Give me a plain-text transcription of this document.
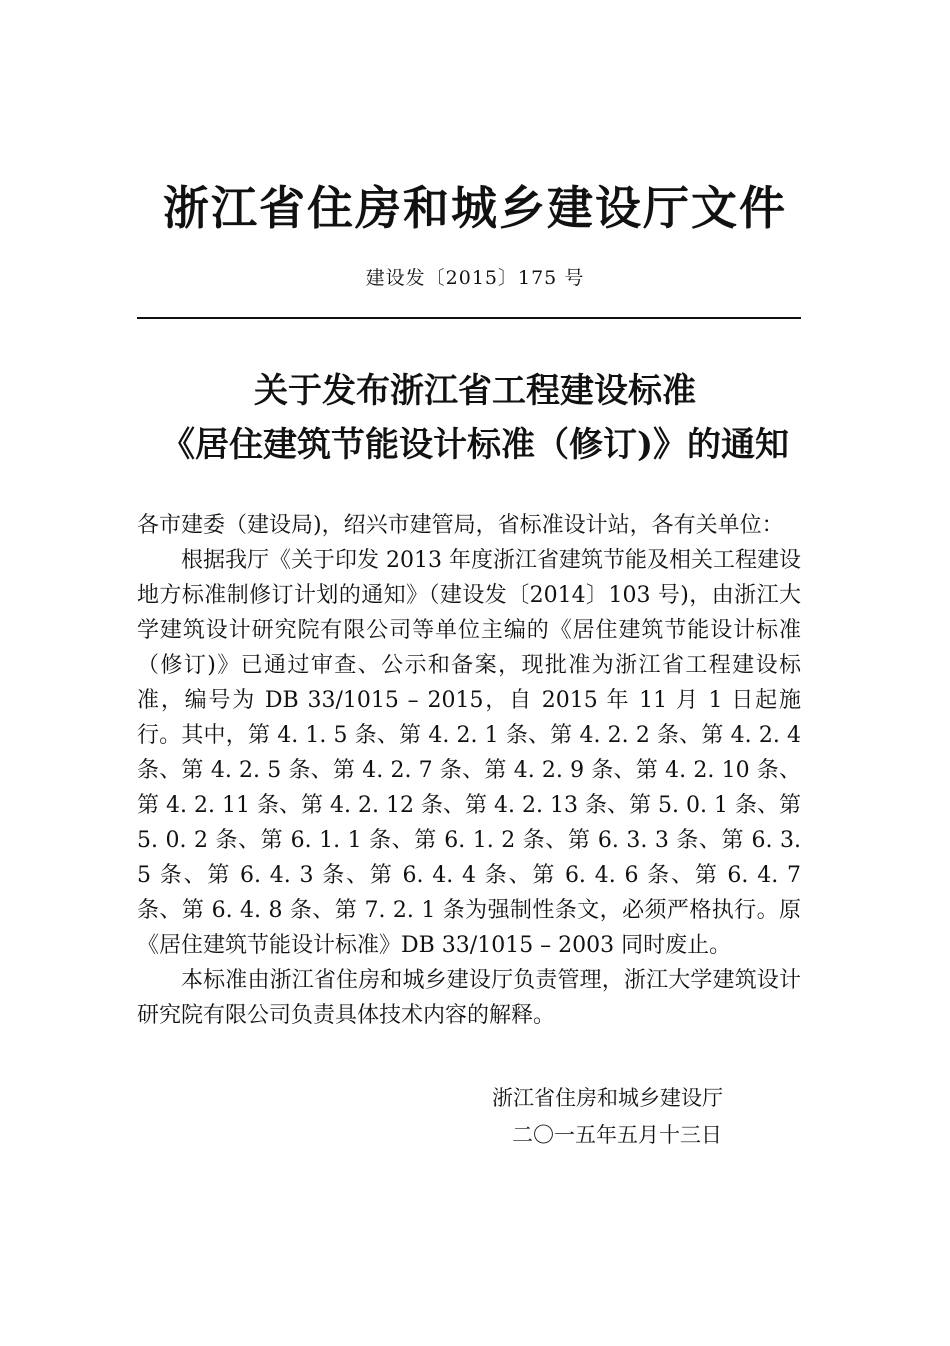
浙江省住房和城乡建设厅文件
建设发〔2015〕175 号
关于发布浙江省工程建设标准
《居住建筑节能设计标准（修订)》的通知

各市建委（建设局)，绍兴市建管局，省标准设计站，各有关单位：

根据我厅《关于印发 2013 年度浙江省建筑节能及相关工程建设地方标准制修订计划的通知》（建设发〔2014〕103 号)，由浙江大学建筑设计研究院有限公司等单位主编的《居住建筑节能设计标准（修订)》已通过审查、公示和备案，现批准为浙江省工程建设标准，编号为 DB 33/1015 – 2015，自 2015 年 11 月 1 日起施行。其中，第 4. 1. 5 条、第 4. 2. 1 条、第 4. 2. 2 条、第 4. 2. 4 条、第 4. 2. 5 条、第 4. 2. 7 条、第 4. 2. 9 条、第 4. 2. 10 条、第 4. 2. 11 条、第 4. 2. 12 条、第 4. 2. 13 条、第 5. 0. 1 条、第 5. 0. 2 条、第 6. 1. 1 条、第 6. 1. 2 条、第 6. 3. 3 条、第 6. 3. 5 条、第 6. 4. 3 条、第 6. 4. 4 条、第 6. 4. 6 条、第 6. 4. 7 条、第 6. 4. 8 条、第 7. 2. 1 条为强制性条文，必须严格执行。原《居住建筑节能设计标准》DB 33/1015 – 2003 同时废止。

本标准由浙江省住房和城乡建设厅负责管理，浙江大学建筑设计研究院有限公司负责具体技术内容的解释。

浙江省住房和城乡建设厅
二〇一五年五月十三日
